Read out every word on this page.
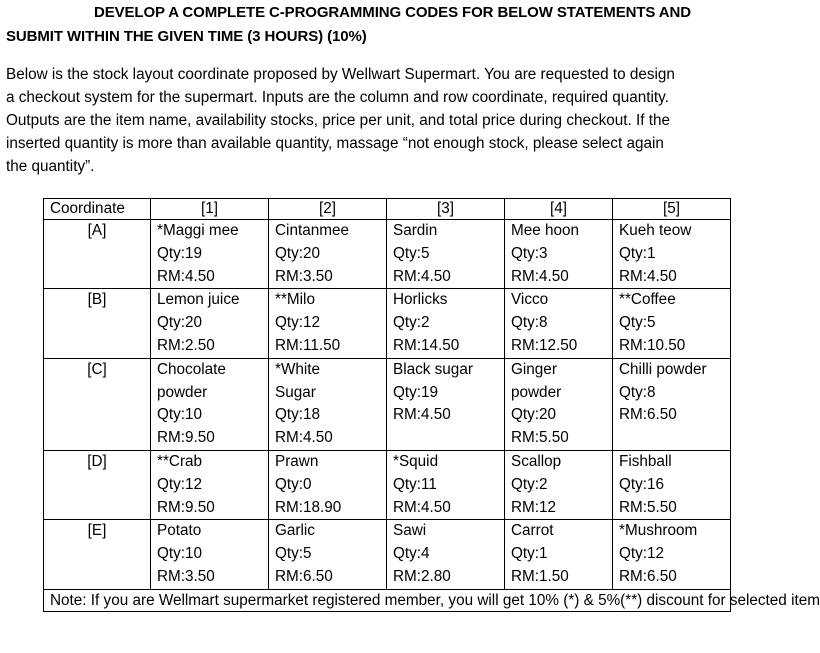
DEVELOP A COMPLETE C-PROGRAMMING CODES FOR BELOW STATEMENTS AND
SUBMIT WITHIN THE GIVEN TIME (3 HOURS) (10%)
Below is the stock layout coordinate proposed by Wellwart Supermart. You are requested to design
a checkout system for the supermart. Inputs are the column and row coordinate, required quantity.
Outputs are the item name, availability stocks, price per unit, and total price during checkout. If the
inserted quantity is more than available quantity, massage “not enough stock, please select again
the quantity”.
Coordinate	[1]	[2]	[3]	[4]	[5]
[A]	*Maggi mee
Qty:19
RM:4.50	Cintanmee
Qty:20
RM:3.50	Sardin
Qty:5
RM:4.50	Mee hoon
Qty:3
RM:4.50	Kueh teow
Qty:1
RM:4.50

[B]	Lemon juice
Qty:20
RM:2.50	**Milo
Qty:12
RM:11.50	Horlicks
Qty:2
RM:14.50	Vicco
Qty:8
RM:12.50	**Coffee
Qty:5
RM:10.50

[C]	Chocolate
powder
Qty:10
RM:9.50	*White
Sugar
Qty:18
RM:4.50	Black sugar
Qty:19
RM:4.50	Ginger
powder
Qty:20
RM:5.50	Chilli powder
Qty:8
RM:6.50

[D]	**Crab
Qty:12
RM:9.50	Prawn
Qty:0
RM:18.90	*Squid
Qty:11
RM:4.50	Scallop
Qty:2
RM:12	Fishball
Qty:16
RM:5.50

[E]	Potato
Qty:10
RM:3.50	Garlic
Qty:5
RM:6.50	Sawi
Qty:4
RM:2.80	Carrot
Qty:1
RM:1.50	*Mushroom
Qty:12
RM:6.50

Note: If you are Wellmart supermarket registered member, you will get 10% (*) & 5%(**) discount for selected item					
